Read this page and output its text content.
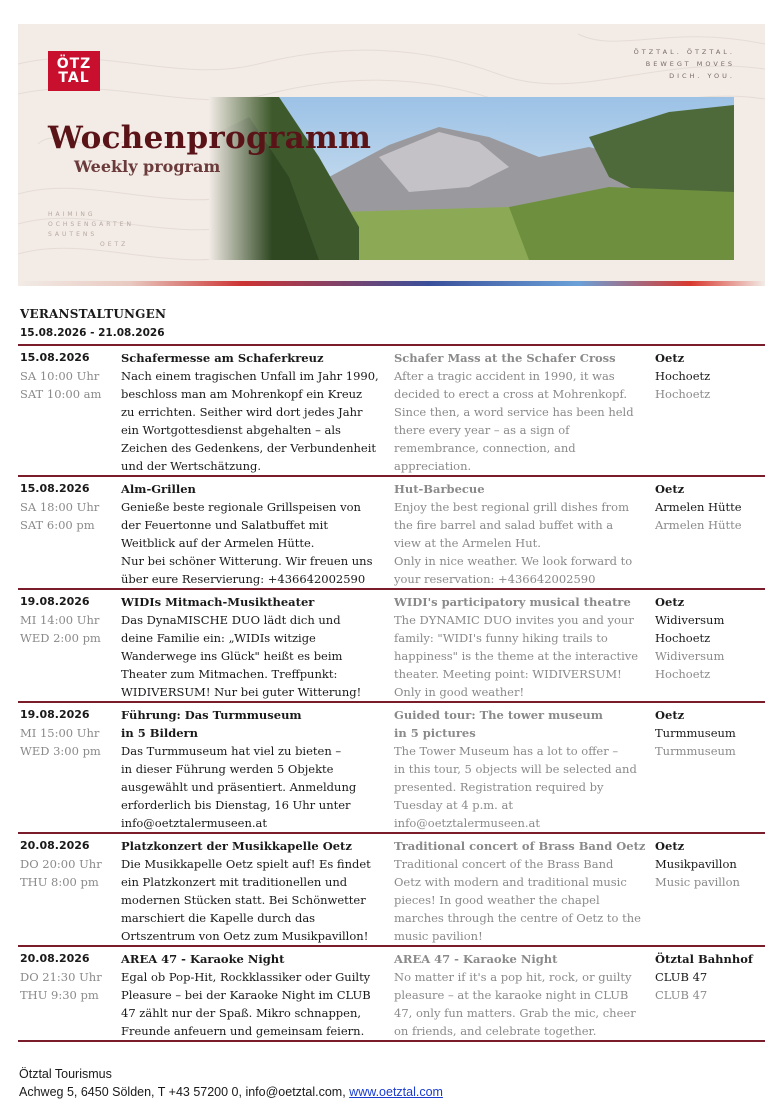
ÖTZ
TAL
ÖTZTAL. ÖTZTAL.
BEWEGT MOVES
DICH. YOU.
HAIMING
OCHSENGARTEN
SAUTENS
OETZ
Wochenprogramm
Weekly program
VERANSTALTUNGEN
15.08.2026 - 21.08.2026
15.08.2026
SA 10:00 Uhr
SAT 10:00 am
Schafermesse am Schaferkreuz
Nach einem tragischen Unfall im Jahr 1990,
beschloss man am Mohrenkopf ein Kreuz
zu errichten. Seither wird dort jedes Jahr
ein Wortgottesdienst abgehalten – als
Zeichen des Gedenkens, der Verbundenheit
und der Wertschätzung.
Schafer Mass at the Schafer Cross
After a tragic accident in 1990, it was
decided to erect a cross at Mohrenkopf.
Since then, a word service has been held
there every year – as a sign of
remembrance, connection, and
appreciation.
Oetz
Hochoetz
Hochoetz
15.08.2026
SA 18:00 Uhr
SAT 6:00 pm
Alm-Grillen
Genieße beste regionale Grillspeisen von
der Feuertonne und Salatbuffet mit
Weitblick auf der Armelen Hütte.
Nur bei schöner Witterung. Wir freuen uns
über eure Reservierung: +436642002590
Hut-Barbecue
Enjoy the best regional grill dishes from
the fire barrel and salad buffet with a
view at the Armelen Hut.
Only in nice weather. We look forward to
your reservation: +436642002590
Oetz
Armelen Hütte
Armelen Hütte
19.08.2026
MI 14:00 Uhr
WED 2:00 pm
WIDIs Mitmach-Musiktheater
Das DynaMISCHE DUO lädt dich und
deine Familie ein: „WIDIs witzige
Wanderwege ins Glück" heißt es beim
Theater zum Mitmachen. Treffpunkt:
WIDIVERSUM! Nur bei guter Witterung!
WIDI's participatory musical theatre
The DYNAMIC DUO invites you and your
family: "WIDI's funny hiking trails to
happiness" is the theme at the interactive
theater. Meeting point: WIDIVERSUM!
Only in good weather!
Oetz
Widiversum
Hochoetz
Widiversum
Hochoetz
19.08.2026
MI 15:00 Uhr
WED 3:00 pm
Führung: Das Turmmuseum
in 5 Bildern
Das Turmmuseum hat viel zu bieten –
in dieser Führung werden 5 Objekte
ausgewählt und präsentiert. Anmeldung
erforderlich bis Dienstag, 16 Uhr unter
info@oetztalermuseen.at
Guided tour: The tower museum
in 5 pictures
The Tower Museum has a lot to offer –
in this tour, 5 objects will be selected and
presented. Registration required by
Tuesday at 4 p.m. at
info@oetztalermuseen.at
Oetz
Turmmuseum
Turmmuseum
20.08.2026
DO 20:00 Uhr
THU 8:00 pm
Platzkonzert der Musikkapelle Oetz
Die Musikkapelle Oetz spielt auf! Es findet
ein Platzkonzert mit traditionellen und
modernen Stücken statt. Bei Schönwetter
marschiert die Kapelle durch das
Ortszentrum von Oetz zum Musikpavillon!
Traditional concert of Brass Band Oetz
Traditional concert of the Brass Band
Oetz with modern and traditional music
pieces! In good weather the chapel
marches through the centre of Oetz to the
music pavilion!
Oetz
Musikpavillon
Music pavillon
20.08.2026
DO 21:30 Uhr
THU 9:30 pm
AREA 47 - Karaoke Night
Egal ob Pop-Hit, Rockklassiker oder Guilty
Pleasure – bei der Karaoke Night im CLUB
47 zählt nur der Spaß. Mikro schnappen,
Freunde anfeuern und gemeinsam feiern.
AREA 47 - Karaoke Night
No matter if it's a pop hit, rock, or guilty
pleasure – at the karaoke night in CLUB
47, only fun matters. Grab the mic, cheer
on friends, and celebrate together.
Ötztal Bahnhof
CLUB 47
CLUB 47
Ötztal Tourismus
Achweg 5, 6450 Sölden, T +43 57200 0, info@oetztal.com, www.oetztal.com
